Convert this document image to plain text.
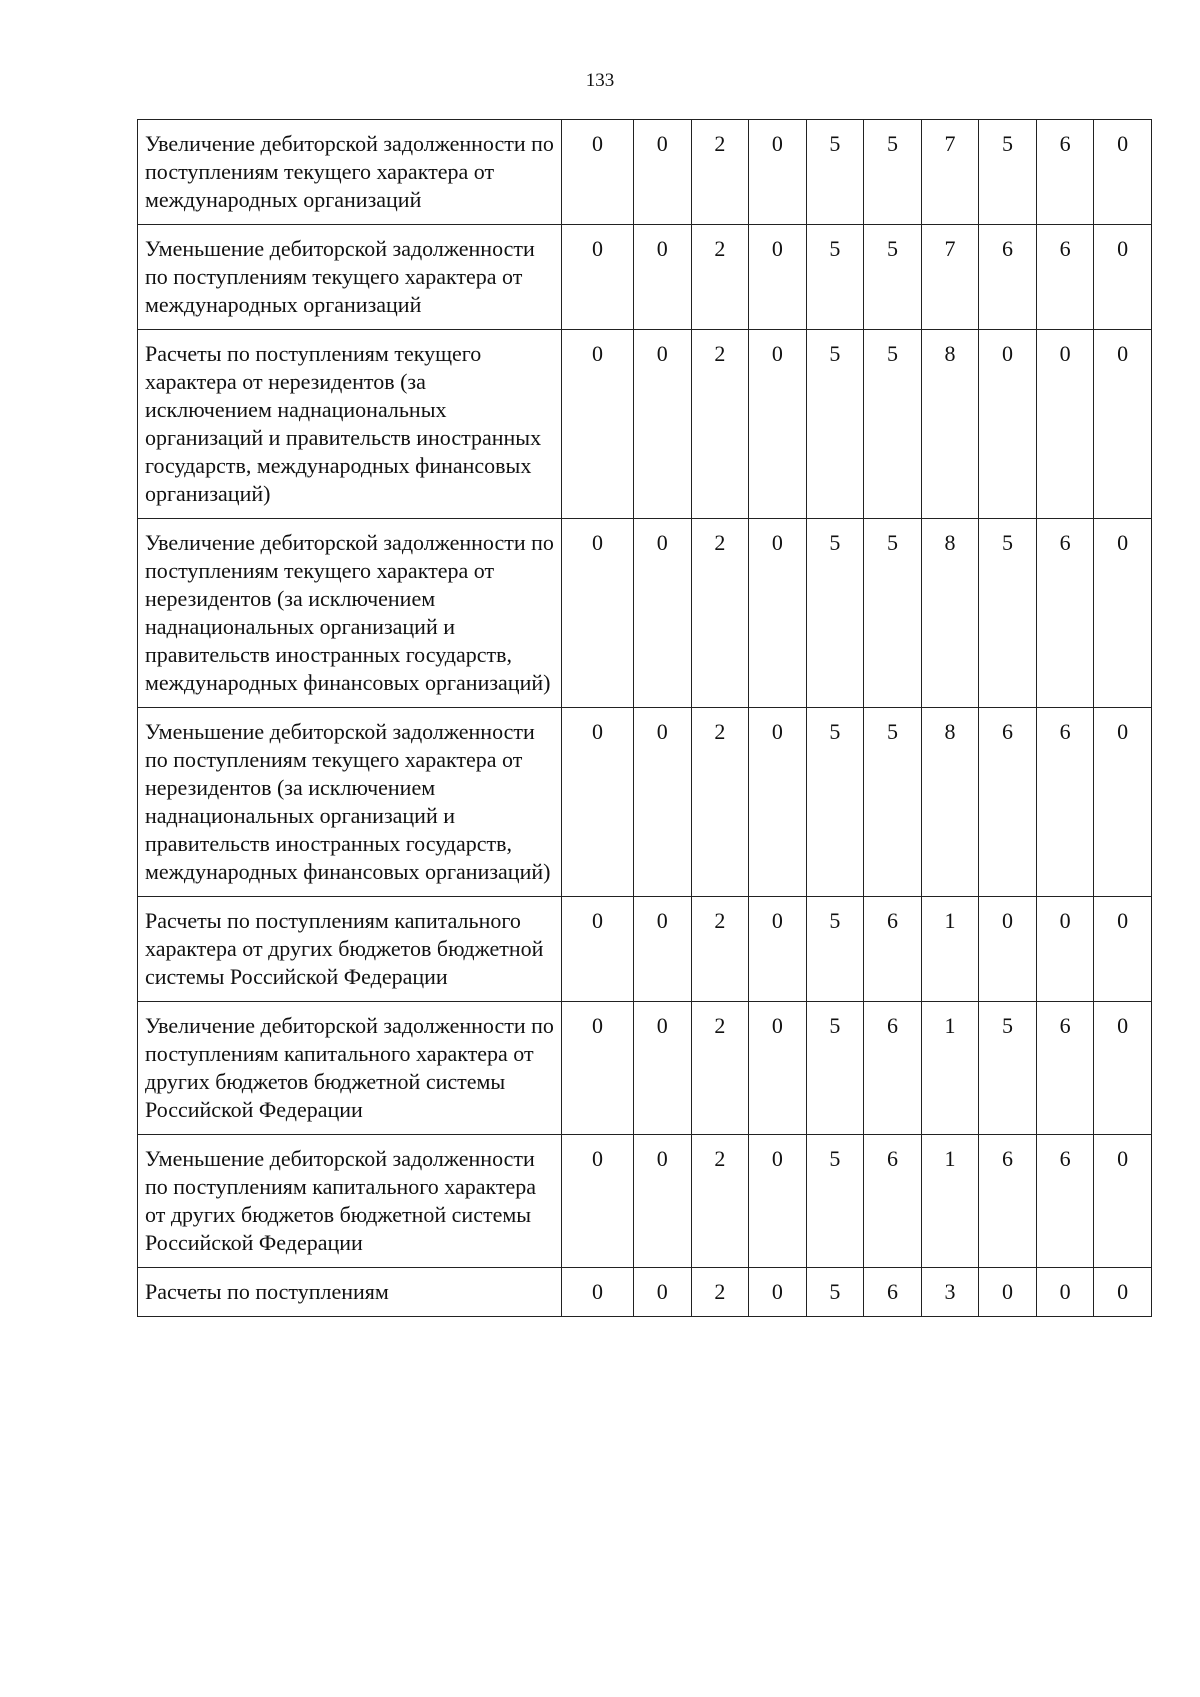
133
Увеличение дебиторской задолженности по поступлениям текущего характера от международных организаций	0	0	2	0	5	5	7	5	6	0
Уменьшение дебиторской задолженности по поступлениям текущего характера от международных организаций	0	0	2	0	5	5	7	6	6	0
Расчеты по поступлениям текущего характера от нерезидентов (за исключением наднациональных организаций и правительств иностранных государств, международных финансовых организаций)	0	0	2	0	5	5	8	0	0	0
Увеличение дебиторской задолженности по поступлениям текущего характера от нерезидентов (за исключением наднациональных организаций и правительств иностранных государств, международных финансовых организаций)	0	0	2	0	5	5	8	5	6	0
Уменьшение дебиторской задолженности по поступлениям текущего характера от нерезидентов (за исключением наднациональных организаций и правительств иностранных государств, международных финансовых организаций)	0	0	2	0	5	5	8	6	6	0
Расчеты по поступлениям капитального характера от других бюджетов бюджетной системы Российской Федерации	0	0	2	0	5	6	1	0	0	0
Увеличение дебиторской задолженности по поступлениям капитального характера от других бюджетов бюджетной системы Российской Федерации	0	0	2	0	5	6	1	5	6	0
Уменьшение дебиторской задолженности по поступлениям капитального характера от других бюджетов бюджетной системы Российской Федерации	0	0	2	0	5	6	1	6	6	0
Расчеты по поступлениям	0	0	2	0	5	6	3	0	0	0
